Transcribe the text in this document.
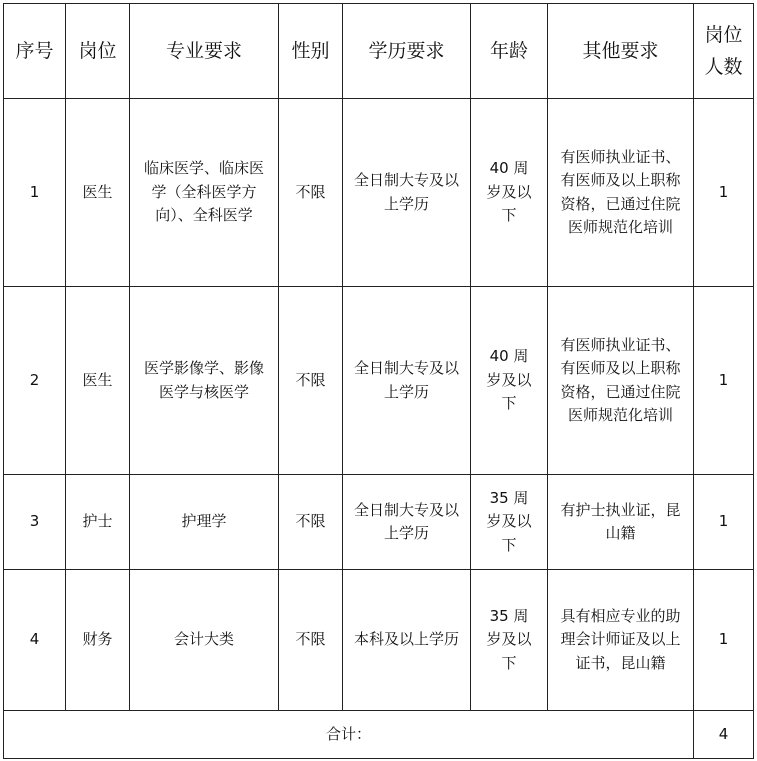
序号	岗位	专业要求	性别	学历要求	年龄	其他要求	岗位人数
1	医生	临床医学、临床医学（全科医学方向）、全科医学	不限	全日制大专及以上学历	40 周岁及以下	有医师执业证书、有医师及以上职称资格，已通过住院医师规范化培训	1
2	医生	医学影像学、影像医学与核医学	不限	全日制大专及以上学历	40 周岁及以下	有医师执业证书、有医师及以上职称资格，已通过住院医师规范化培训	1
3	护士	护理学	不限	全日制大专及以上学历	35 周岁及以下	有护士执业证，昆山籍	1
4	财务	会计大类	不限	本科及以上学历	35 周岁及以下	具有相应专业的助理会计师证及以上证书，昆山籍	1
合计：							4
